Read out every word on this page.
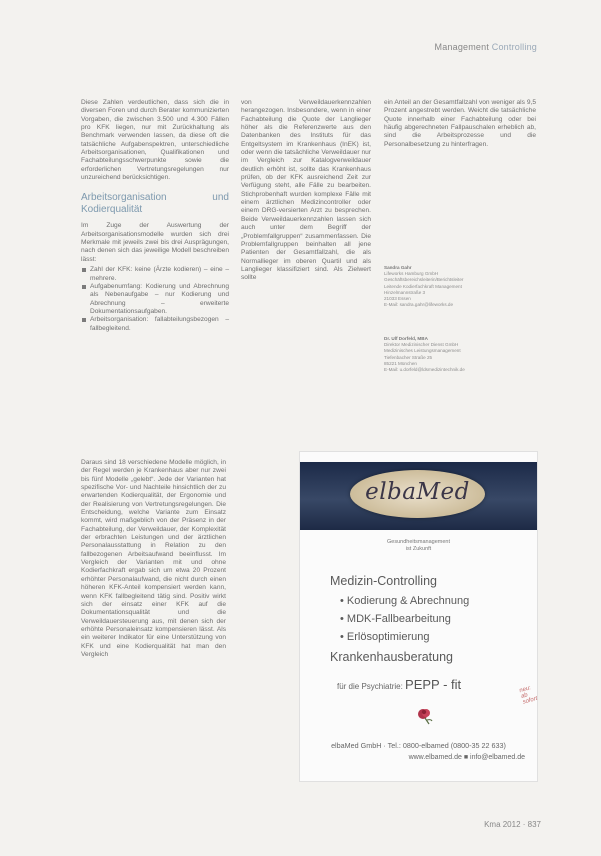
Management Controlling

Diese Zahlen verdeutlichen, dass sich die in diversen Foren und durch Berater kommunizierten Vorgaben, die zwischen 3.500 und 4.300 Fällen pro KFK liegen, nur mit Zurückhaltung als Benchmark verwenden lassen, da diese oft die tatsächliche Aufgabenspektren, unterschiedliche Arbeitsorganisationen, Qualifikationen und Fachabteilungsschwerpunkte sowie die erforderlichen Vertretungsregelungen nur unzureichend berücksichtigen.

Arbeitsorganisation und Kodierqualität

Im Zuge der Auswertung der Arbeitsorganisationsmodelle wurden sich drei Merkmale mit jeweils zwei bis drei Ausprägungen, nach denen sich das jeweilige Modell beschreiben lässt:

Zahl der KFK: keine (Ärzte kodieren) – eine – mehrere.
Aufgabenumfang: Kodierung und Abrechnung als Nebenaufgabe – nur Kodierung und Abrechnung – erweiterte Dokumentationsaufgaben.
Arbeitsorganisation: fallabteilungsbezogen – fallbegleitend.

Daraus sind 18 verschiedene Modelle möglich, in der Regel werden je Krankenhaus aber nur zwei bis fünf Modelle „gelebt“. Jede der Varianten hat spezifische Vor- und Nachteile hinsichtlich der zu erwartenden Kodierqualität, der Ergonomie und der Realisierung von Vertretungsregelungen. Die Entscheidung, welche Variante zum Einsatz kommt, wird maßgeblich von der Präsenz in der Fachabteilung, der Verweildauer, der Komplexität der erbrachten Leistungen und der ärztlichen Personalausstattung in Relation zu den fallbezogenen Arbeitsaufwand beeinflusst. Im Vergleich der Varianten mit und ohne Kodierfachkraft ergab sich um etwa 20 Prozent erhöhter Personalaufwand, die nicht durch einen höheren KFK-Anteil kompensiert werden kann, wenn KFK fallbegleitend tätig sind. Positiv wirkt sich der einsatz einer KFK auf die Dokumentationsqualität und die Verweildauersteuerung aus, mit denen sich der erhöhte Personaleinsatz kompensieren lässt. Als ein weiterer Indikator für eine Unterstützung von KFK und eine Kodierqualität hat man den Vergleich

von Verweildauerkennzahlen herangezogen. Insbesondere, wenn in einer Fachabteilung die Quote der Langlieger höher als die Referenzwerte aus den Datenbanken des Instituts für das Entgeltsystem im Krankenhaus (InEK) ist, oder wenn die tatsächliche Verweildauer nur im Vergleich zur Katalogverweildauer deutlich erhöht ist, sollte das Krankenhaus prüfen, ob der KFK ausreichend Zeit zur Verfügung steht, alle Fälle zu bearbeiten. Stichprobenhaft wurden komplexe Fälle mit einem ärztlichen Medizincontroller oder einem DRG-versierten Arzt zu besprechen. Beide Verweildauerkennzahlen lassen sich auch unter dem Begriff der „Problemfallgruppen“ zusammenfassen. Die Problemfallgruppen beinhalten all jene Patienten der Gesamtfallzahl, die als Normallieger im oberen Quartil und als Langlieger klassifiziert sind. Als Zielwert sollte

ein Anteil an der Gesamtfallzahl von weniger als 9,5 Prozent angestrebt werden. Weicht die tatsächliche Quote innerhalb einer Fachabteilung oder bei häufig abgerechneten Fallpauschalen erheblich ab, sind die Arbeitsprozesse und die Personalbesetzung zu hinterfragen.

Sandra Gahr
Lifeworks Hamburg GmbH
Geschäftsbereichsleiterin/Berichtsleiter
Leitende Kodierfachkraft Management
Hinzelmannstraße 3
21033 Essen
E-Mail: sandra.gahr@lifeworks.de
Dr. Ulf Dorfeld, MBA
Direktor Medizinischer Dienst GmbH
Medizinisches Leistungsmanagement
Tiefenbacher Straße 25
85221 München
E-Mail: u.dorfeld@ldsmedizintechnik.de
elbaMed
Gesundheitsmanagement
ist Zukunft
Medizin-Controlling
• Kodierung & Abrechnung
• MDK-Fallbearbeitung
• Erlösoptimierung
Krankenhausberatung
für die Psychiatrie: PEPP - fit	neu: ab sofort
elbaMed GmbH · Tel.: 0800-elbamed (0800-35 22 633)
www.elbamed.de ■ info@elbamed.de
Kma 2012 · 837
